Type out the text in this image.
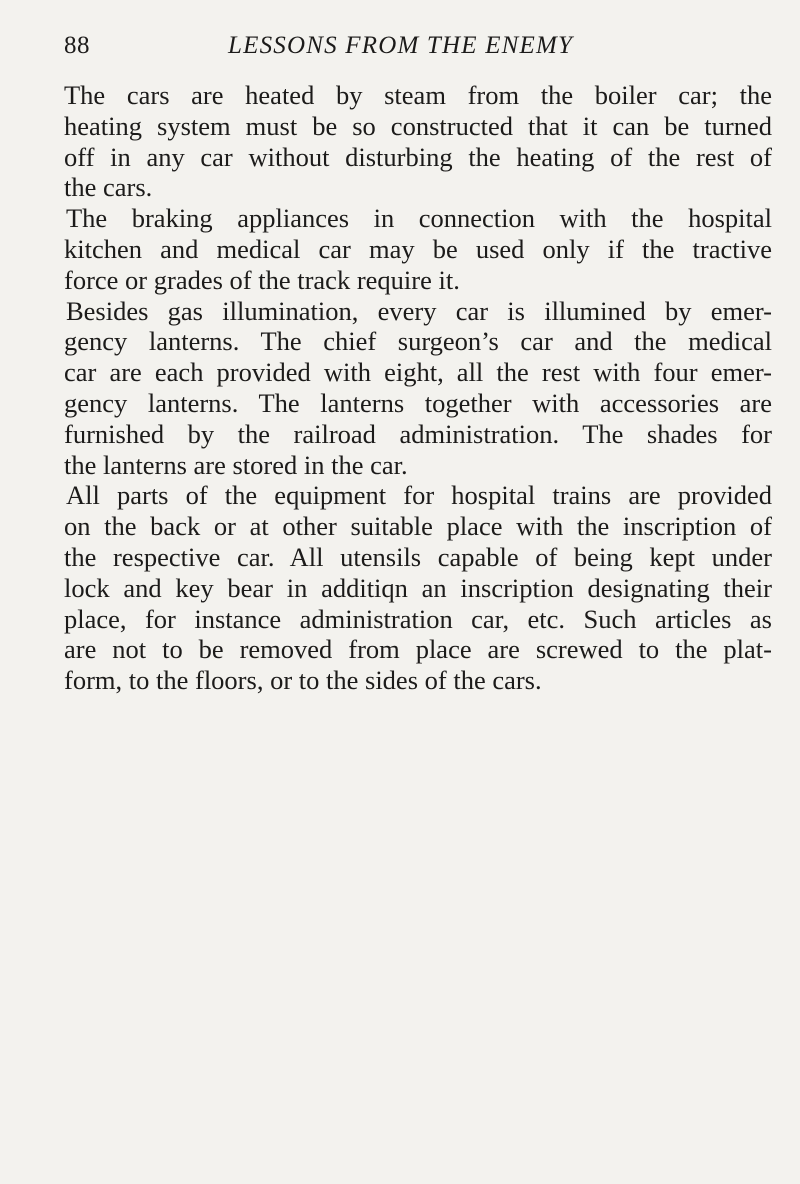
88	LESSONS FROM THE ENEMY
The cars are heated by steam from the boiler car; the
heating system must be so constructed that it can be turned
off in any car without disturbing the heating of the rest of
the cars.
The braking appliances in connection with the hospital
kitchen and medical car may be used only if the tractive
force or grades of the track require it.
Besides gas illumination, every car is illumined by emer-
gency lanterns. The chief surgeon’s car and the medical
car are each provided with eight, all the rest with four emer-
gency lanterns. The lanterns together with accessories are
furnished by the railroad administration. The shades for
the lanterns are stored in the car.
All parts of the equipment for hospital trains are provided
on the back or at other suitable place with the inscription of
the respective car. All utensils capable of being kept under
lock and key bear in additiqn an inscription designating their
place, for instance administration car, etc. Such articles as
are not to be removed from place are screwed to the plat-
form, to the floors, or to the sides of the cars.
